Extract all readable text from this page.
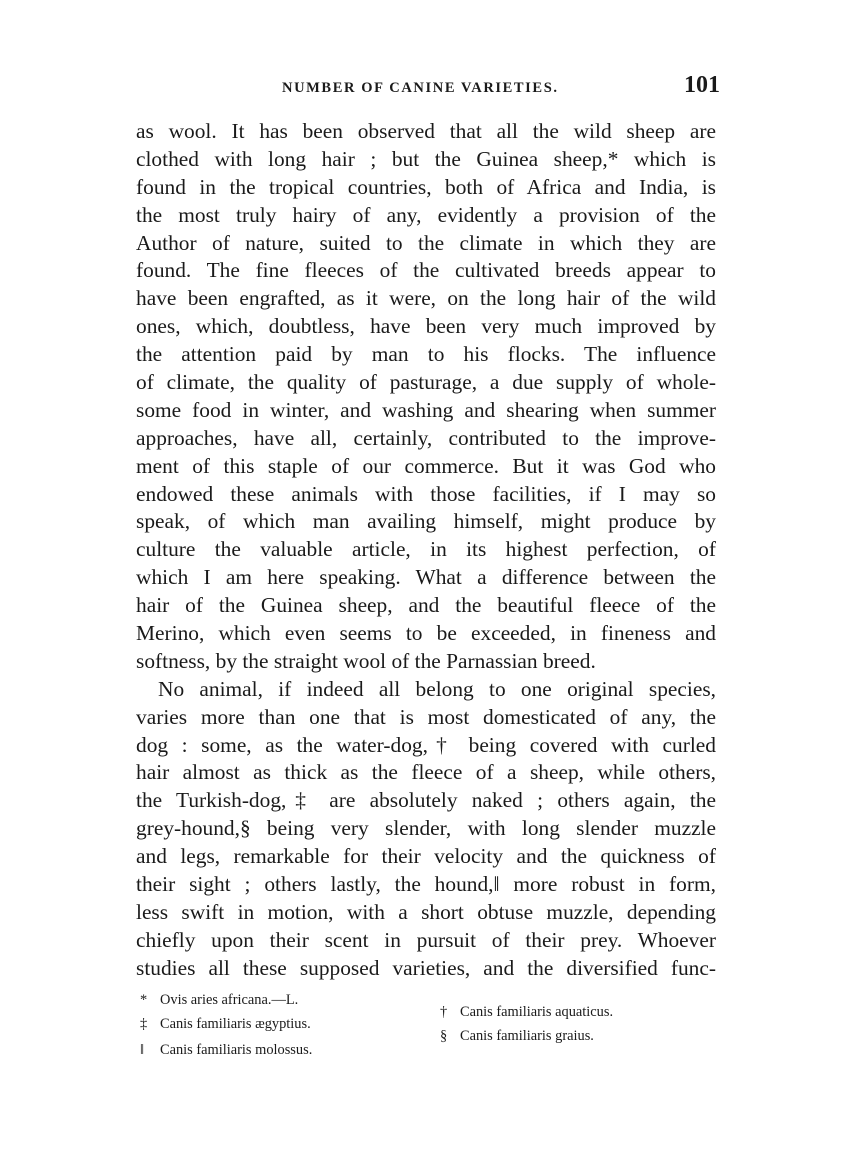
NUMBER OF CANINE VARIETIES.	101
as wool. It has been observed that all the wild sheep are
clothed with long hair ; but the Guinea sheep,* which is
found in the tropical countries, both of Africa and India, is
the most truly hairy of any, evidently a provision of the
Author of nature, suited to the climate in which they are
found. The fine fleeces of the cultivated breeds appear to
have been engrafted, as it were, on the long hair of the wild
ones, which, doubtless, have been very much improved by
the attention paid by man to his flocks. The influence
of climate, the quality of pasturage, a due supply of whole-
some food in winter, and washing and shearing when summer
approaches, have all, certainly, contributed to the improve-
ment of this staple of our commerce. But it was God who
endowed these animals with those facilities, if I may so
speak, of which man availing himself, might produce by
culture the valuable article, in its highest perfection, of
which I am here speaking. What a difference between the
hair of the Guinea sheep, and the beautiful fleece of the
Merino, which even seems to be exceeded, in fineness and
softness, by the straight wool of the Parnassian breed.
No animal, if indeed all belong to one original species,
varies more than one that is most domesticated of any, the
dog : some, as the water-dog,† being covered with curled
hair almost as thick as the fleece of a sheep, while others,
the Turkish-dog,‡ are absolutely naked ; others again, the
grey-hound,§ being very slender, with long slender muzzle
and legs, remarkable for their velocity and the quickness of
their sight ; others lastly, the hound,‖ more robust in form,
less swift in motion, with a short obtuse muzzle, depending
chiefly upon their scent in pursuit of their prey. Whoever
studies all these supposed varieties, and the diversified func-
* Ovis aries africana.—L.
† Canis familiaris aquaticus.
‡ Canis familiaris ægyptius.
§ Canis familiaris graius.
‖ Canis familiaris molossus.
